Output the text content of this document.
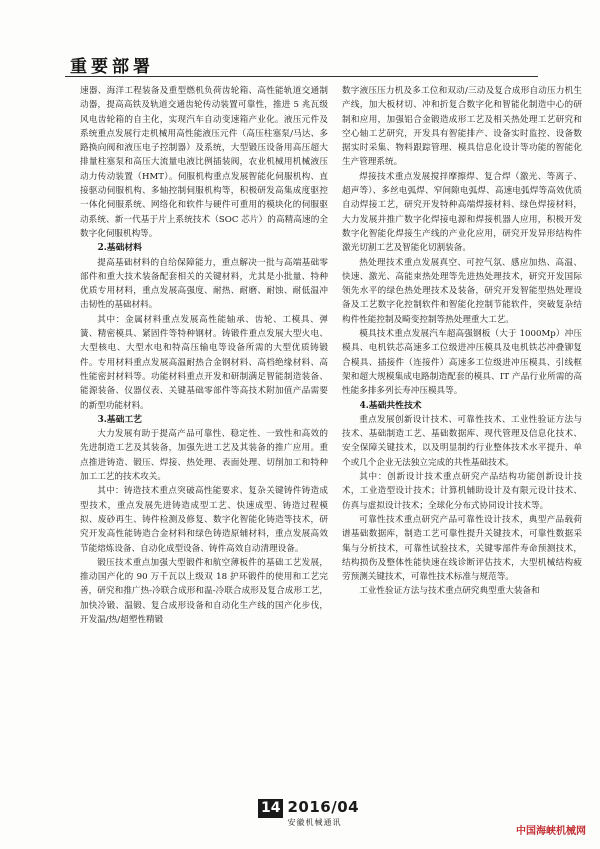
重要部署

速器、海洋工程装备及重型燃机负荷齿轮箱、高性能轨道交通制动器，提高高铁及轨道交通齿轮传动装置可靠性，推进 5 兆瓦级风电齿轮箱的自主化，实现汽车自动变速箱产业化。液压元件及系统重点发展行走机械用高性能液压元件（高压柱塞泵/马达、多路换向阀和液压电子控制器）及系统，大型锻压设备用高压超大排量柱塞泵和高压大流量电液比例插装阀，农业机械用机械液压动力传动装置（HMT）。伺服机构重点发展智能化伺服机构、直接驱动伺服机构、多轴控制伺服机构等，积极研发高集成度驱控一体化伺服系统、网络化和软件与硬件可重用的模块化的伺服驱动系统、新一代基于片上系统技术（SOC 芯片）的高精高速的全数字化伺服机构等。

2.基础材料

提高基础材料的自给保障能力，重点解决一批与高端基础零部件和重大技术装备配套相关的关键材料，尤其是小批量、特种优质专用材料，重点发展高强度、耐热、耐磨、耐蚀、耐低温冲击韧性的基础材料。

其中：金属材料重点发展高性能轴承、齿轮、工模具、弹簧、精密模具、紧固件等特种钢材。铸锻件重点发展大型火电、大型核电、大型水电和特高压输电等设备所需的大型优质铸锻件。专用材料重点发展高温耐热合金钢材料、高档绝缘材料、高性能密封材料等。功能材料重点开发和研制满足智能制造装备、能源装备、仪器仪表、关键基础零部件等高技术附加值产品需要的新型功能材料。

3.基础工艺

大力发展有助于提高产品可靠性、稳定性、一致性和高效的先进制造工艺及其装备，加强先进工艺及其装备的推广应用。重点推进铸造、锻压、焊接、热处理、表面处理、切削加工和特种加工工艺的技术攻关。

其中：铸造技术重点突破高性能要求、复杂关键铸件铸造成型技术，重点发展先进铸造成型工艺、快速成型、铸造过程模拟、废砂再生、铸件检测及修复、数字化智能化铸造等技术，研究开发高性能铸造合金材料和绿色铸造原辅材料，重点发展高效节能熔炼设备、自动化成型设备、铸件高效自动清理设备。

锻压技术重点加强大型锻件和航空薄板件的基础工艺发展，推动国产化的 90 万千瓦以上级双 18 护环锻件的使用和工艺完善，研究和推广热-冷联合成形和温-冷联合成形及复合成形工艺，加快冷锻、温锻、复合成形设备和自动化生产线的国产化步伐，开发温/热/超塑性精锻

数字液压压力机及多工位和双动/三动及复合成形自动压力机生产线，加大板材切、冲和折复合数字化和智能化制造中心的研制和应用，加强铝合金锻造成形工艺及相关热处理工艺研究和空心轴工艺研究，开发具有智能排产、设备实时监控、设备数据实时采集、物料跟踪管理、模具信息化设计等功能的智能化生产管理系统。

焊接技术重点发展搅拌摩擦焊、复合焊（激光、等离子、超声等）、多丝电弧焊、窄间隙电弧焊、高速电弧焊等高效优质自动焊接工艺，研究开发特种高端焊接材料、绿色焊接材料，大力发展并推广数字化焊接电源和焊接机器人应用，积极开发数字化智能化焊接生产线的产业化应用，研究开发异形结构件激光切割工艺及智能化切割装备。

热处理技术重点发展真空、可控气氛、感应加热、高温、快速、激光、高能束热处理等先进热处理技术，研究开发国际领先水平的绿色热处理技术及装备，研究开发智能型热处理设备及工艺数字化控制软件和智能化控制节能软件，突破复杂结构件性能控制及畸变控制等热处理重大工艺。

模具技术重点发展汽车超高强钢板（大于 1000Mp）冲压模具、电机铁芯高速多工位级进冲压模具及电机铁芯冲叠铆复合模具、插接件（连接件）高速多工位级进冲压模具、引线框架和超大规模集成电路制造配套的模具、IT 产品行业所需的高性能多排多列长寿冲压模具等。

4.基础共性技术

重点发展创新设计技术、可靠性技术、工业性验证方法与技术、基础制造工艺、基础数据库、现代管理及信息化技术、安全保障关键技术，以及明显制约行业整体技术水平提升、单个或几个企业无法独立完成的共性基础技术。

其中：创新设计技术重点研究产品结构功能创新设计技术，工业造型设计技术；计算机辅助设计及有限元设计技术、仿真与虚拟设计技术；全球化分布式协同设计技术等。

可靠性技术重点研究产品可靠性设计技术，典型产品载荷谱基础数据库，制造工艺可靠性提升关键技术，可靠性数据采集与分析技术，可靠性试验技术，关键零部件寿命预测技术，结构损伤及整体性能快速在线诊断评估技术，大型机械结构疲劳预测关键技术，可靠性技术标准与规范等。

工业性验证方法与技术重点研究典型重大装备和

14 2016/04
安徽机械通讯
中国海峡机械网
